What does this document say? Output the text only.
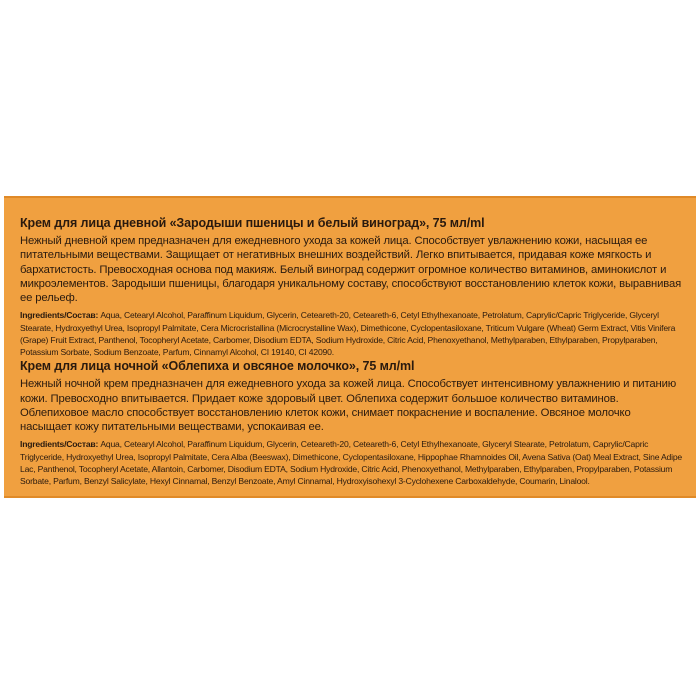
Крем для лица дневной «Зародыши пшеницы и белый виноград», 75 мл/ml

Нежный дневной крем предназначен для ежедневного ухода за кожей лица. Способствует увлажнению кожи, насыщая ее питательными веществами. Защищает от негативных внешних воздействий. Легко впитывается, придавая коже мягкость и бархатистость. Превосходная основа под макияж. Белый виноград содержит огромное количество витаминов, аминокислот и микроэлементов. Зародыши пшеницы, благодаря уникальному составу, способствуют восстановлению клеток кожи, выравнивая ее рельеф.

Ingredients/Состав: Aqua, Cetearyl Alcohol, Paraffinum Liquidum, Glycerin, Ceteareth-20, Ceteareth-6, Cetyl Ethylhexanoate, Petrolatum, Caprylic/Capric Triglyceride, Glyceryl Stearate, Hydroxyethyl Urea, Isopropyl Palmitate, Cera Microcristallina (Microcrystalline Wax), Dimethicone, Cyclopentasiloxane, Triticum Vulgare (Wheat) Germ Extract, Vitis Vinifera (Grape) Fruit Extract, Panthenol, Tocopheryl Acetate, Carbomer, Disodium EDTA, Sodium Hydroxide, Citric Acid, Phenoxyethanol, Methylparaben, Ethylparaben, Propylparaben, Potassium Sorbate, Sodium Benzoate, Parfum, Cinnamyl Alcohol, CI 19140, CI 42090.

Крем для лица ночной «Облепиха и овсяное молочко», 75 мл/ml

Нежный ночной крем предназначен для ежедневного ухода за кожей лица. Способствует интенсивному увлажнению и питанию кожи. Превосходно впитывается. Придает коже здоровый цвет. Облепиха содержит большое количество витаминов. Облепиховое масло способствует восстановлению клеток кожи, снимает покраснение и воспаление. Овсяное молочко насыщает кожу питательными веществами, успокаивая ее.

Ingredients/Состав: Aqua, Cetearyl Alcohol, Paraffinum Liquidum, Glycerin, Ceteareth-20, Ceteareth-6, Cetyl Ethylhexanoate, Glyceryl Stearate, Petrolatum, Caprylic/Capric Triglyceride, Hydroxyethyl Urea, Isopropyl Palmitate, Cera Alba (Beeswax), Dimethicone, Cyclopentasiloxane, Hippophae Rhamnoides Oil, Avena Sativa (Oat) Meal Extract, Sine Adipe Lac, Panthenol, Tocopheryl Acetate, Allantoin, Carbomer, Disodium EDTA, Sodium Hydroxide, Citric Acid, Phenoxyethanol, Methylparaben, Ethylparaben, Propylparaben, Potassium Sorbate, Parfum, Benzyl Salicylate, Hexyl Cinnamal, Benzyl Benzoate, Amyl Cinnamal, Hydroxyisohexyl 3-Cyclohexene Carboxaldehyde, Coumarin, Linalool.
